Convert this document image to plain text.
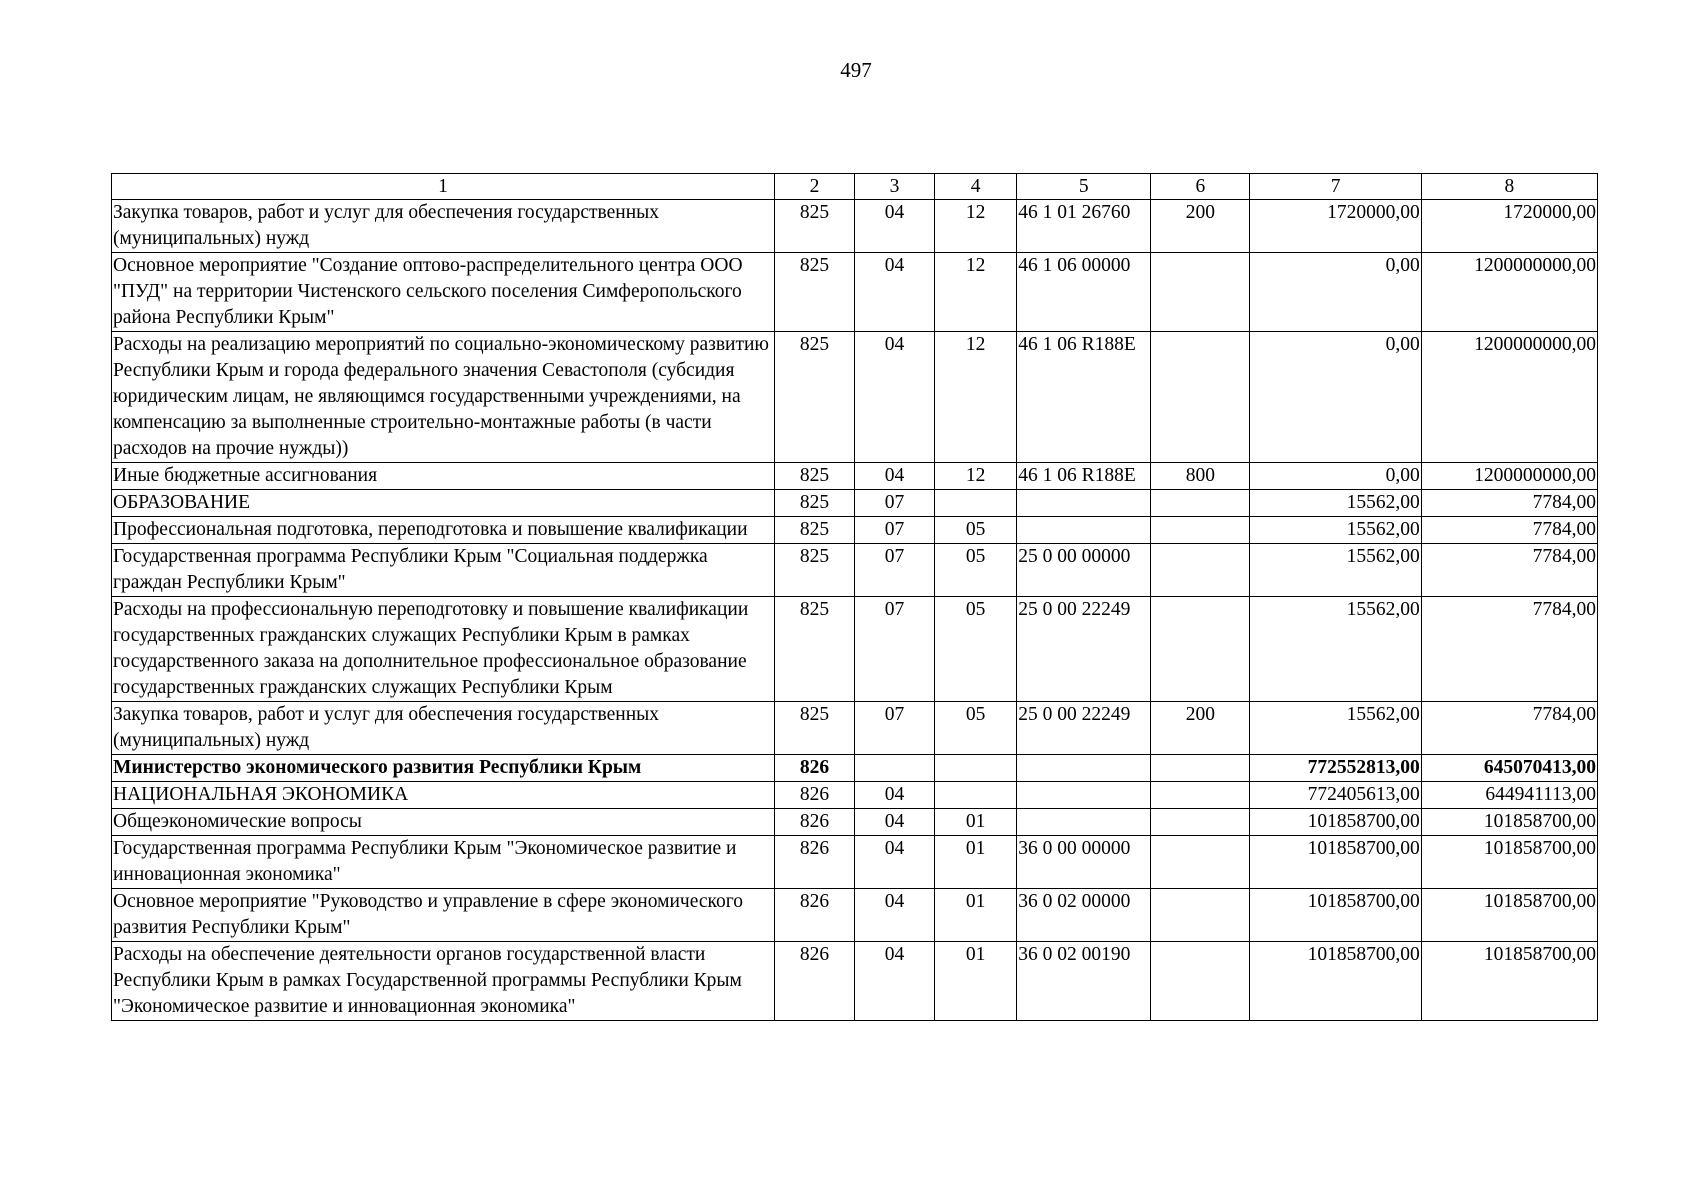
497
1	2	3	4	5	6	7	8
Закупка товаров, работ и услуг для обеспечения государственных (муниципальных) нужд	825	04	12	46 1 01 26760	200	1720000,00	1720000,00
Основное мероприятие "Создание оптово-распределительного центра ООО "ПУД" на территории Чистенского сельского поселения Симферопольского района Республики Крым"	825	04	12	46 1 06 00000		0,00	1200000000,00
Расходы на реализацию мероприятий по социально-экономическому развитию Республики Крым и города федерального значения Севастополя (субсидия юридическим лицам, не являющимся государственными учреждениями, на компенсацию за выполненные строительно-монтажные работы (в части расходов на прочие нужды))	825	04	12	46 1 06 R188E		0,00	1200000000,00
Иные бюджетные ассигнования	825	04	12	46 1 06 R188E	800	0,00	1200000000,00
ОБРАЗОВАНИЕ	825	07				15562,00	7784,00
Профессиональная подготовка, переподготовка и повышение квалификации	825	07	05			15562,00	7784,00
Государственная программа Республики Крым "Социальная поддержка граждан Республики Крым"	825	07	05	25 0 00 00000		15562,00	7784,00
Расходы на профессиональную переподготовку и повышение квалификации государственных гражданских служащих Республики Крым в рамках государственного заказа на дополнительное профессиональное образование государственных гражданских служащих Республики Крым	825	07	05	25 0 00 22249		15562,00	7784,00
Закупка товаров, работ и услуг для обеспечения государственных (муниципальных) нужд	825	07	05	25 0 00 22249	200	15562,00	7784,00
Министерство экономического развития Республики Крым	826					772552813,00	645070413,00
НАЦИОНАЛЬНАЯ ЭКОНОМИКА	826	04				772405613,00	644941113,00
Общеэкономические вопросы	826	04	01			101858700,00	101858700,00
Государственная программа Республики Крым "Экономическое развитие и инновационная экономика"	826	04	01	36 0 00 00000		101858700,00	101858700,00
Основное мероприятие "Руководство и управление в сфере экономического развития Республики Крым"	826	04	01	36 0 02 00000		101858700,00	101858700,00
Расходы на обеспечение деятельности органов государственной власти Республики Крым в рамках Государственной программы Республики Крым "Экономическое развитие и инновационная экономика"	826	04	01	36 0 02 00190		101858700,00	101858700,00
